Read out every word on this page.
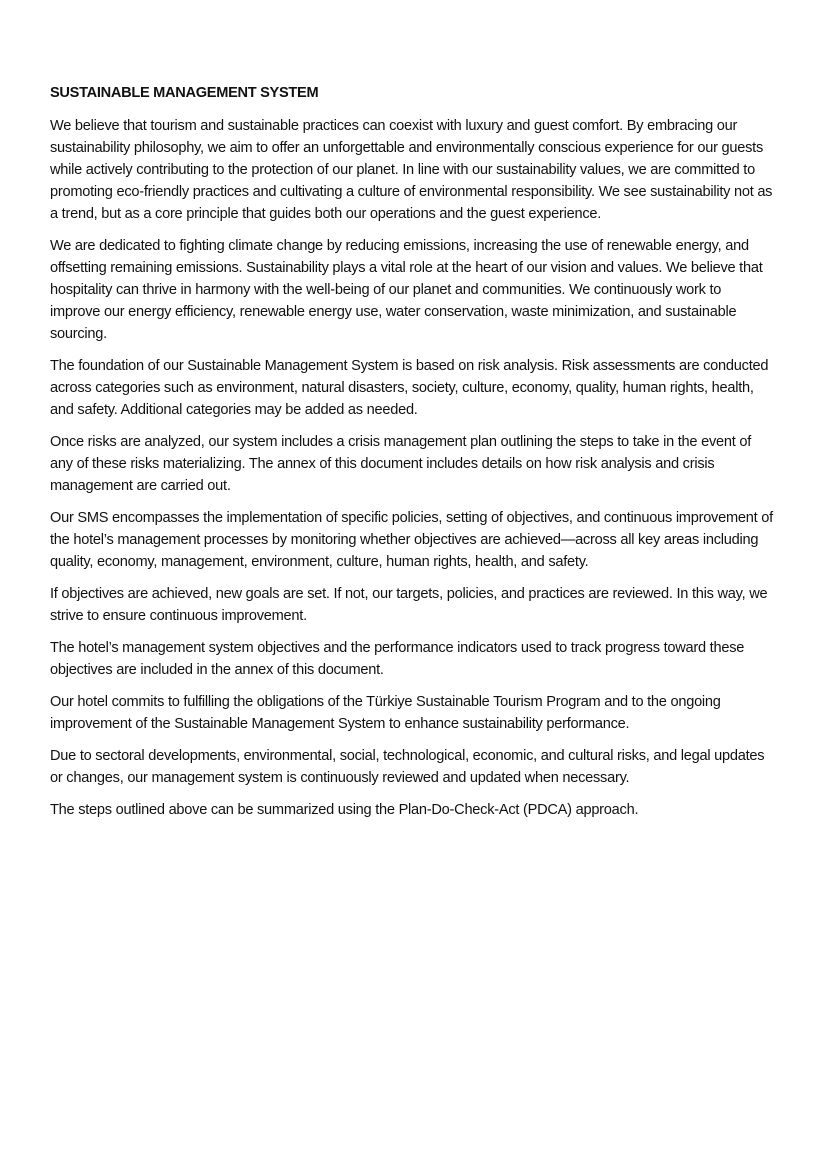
SUSTAINABLE MANAGEMENT SYSTEM

We believe that tourism and sustainable practices can coexist with luxury and guest comfort. By embracing our sustainability philosophy, we aim to offer an unforgettable and environmentally conscious experience for our guests while actively contributing to the protection of our planet. In line with our sustainability values, we are committed to promoting eco-friendly practices and cultivating a culture of environmental responsibility. We see sustainability not as a trend, but as a core principle that guides both our operations and the guest experience.

We are dedicated to fighting climate change by reducing emissions, increasing the use of renewable energy, and offsetting remaining emissions. Sustainability plays a vital role at the heart of our vision and values. We believe that hospitality can thrive in harmony with the well-being of our planet and communities. We continuously work to improve our energy efficiency, renewable energy use, water conservation, waste minimization, and sustainable sourcing.

The foundation of our Sustainable Management System is based on risk analysis. Risk assessments are conducted across categories such as environment, natural disasters, society, culture, economy, quality, human rights, health, and safety. Additional categories may be added as needed.

Once risks are analyzed, our system includes a crisis management plan outlining the steps to take in the event of any of these risks materializing. The annex of this document includes details on how risk analysis and crisis management are carried out.

Our SMS encompasses the implementation of specific policies, setting of objectives, and continuous improvement of the hotel’s management processes by monitoring whether objectives are achieved—across all key areas including quality, economy, management, environment, culture, human rights, health, and safety.

If objectives are achieved, new goals are set. If not, our targets, policies, and practices are reviewed. In this way, we strive to ensure continuous improvement.

The hotel’s management system objectives and the performance indicators used to track progress toward these objectives are included in the annex of this document.

Our hotel commits to fulfilling the obligations of the Türkiye Sustainable Tourism Program and to the ongoing improvement of the Sustainable Management System to enhance sustainability performance.

Due to sectoral developments, environmental, social, technological, economic, and cultural risks, and legal updates or changes, our management system is continuously reviewed and updated when necessary.

The steps outlined above can be summarized using the Plan-Do-Check-Act (PDCA) approach.
